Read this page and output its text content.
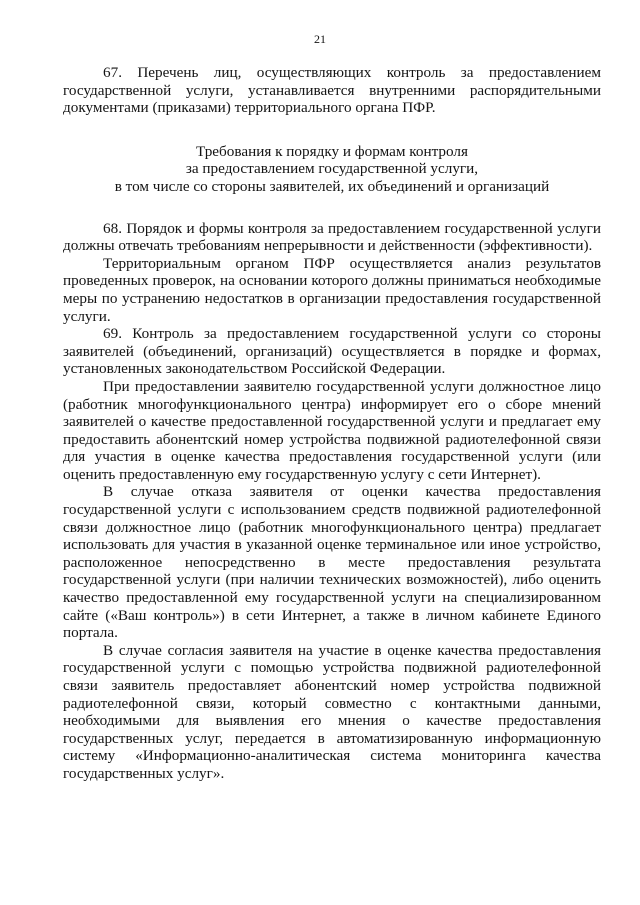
21

67. Перечень лиц, осуществляющих контроль за предоставлением государственной услуги, устанавливается внутренними распорядительными документами (приказами) территориального органа ПФР.

Требования к порядку и формам контроля
за предоставлением государственной услуги,
в том числе со стороны заявителей, их объединений и организаций

68. Порядок и формы контроля за предоставлением государственной услуги должны отвечать требованиям непрерывности и действенности (эффективности).

Территориальным органом ПФР осуществляется анализ результатов проведенных проверок, на основании которого должны приниматься необходимые меры по устранению недостатков в организации предоставления государственной услуги.

69. Контроль за предоставлением государственной услуги со стороны заявителей (объединений, организаций) осуществляется в порядке и формах, установленных законодательством Российской Федерации.

При предоставлении заявителю государственной услуги должностное лицо (работник многофункционального центра) информирует его о сборе мнений заявителей о качестве предоставленной государственной услуги и предлагает ему предоставить абонентский номер устройства подвижной радиотелефонной связи для участия в оценке качества предоставления государственной услуги (или оценить предоставленную ему государственную услугу с сети Интернет).

В случае отказа заявителя от оценки качества предоставления государственной услуги с использованием средств подвижной радиотелефонной связи должностное лицо (работник многофункционального центра) предлагает использовать для участия в указанной оценке терминальное или иное устройство, расположенное непосредственно в месте предоставления результата государственной услуги (при наличии технических возможностей), либо оценить качество предоставленной ему государственной услуги на специализированном сайте («Ваш контроль») в сети Интернет, а также в личном кабинете Единого портала.

В случае согласия заявителя на участие в оценке качества предоставления государственной услуги с помощью устройства подвижной радиотелефонной связи заявитель предоставляет абонентский номер устройства подвижной радиотелефонной связи, который совместно с контактными данными, необходимыми для выявления его мнения о качестве предоставления государственных услуг, передается в автоматизированную информационную систему «Информационно-аналитическая система мониторинга качества государственных услуг».
